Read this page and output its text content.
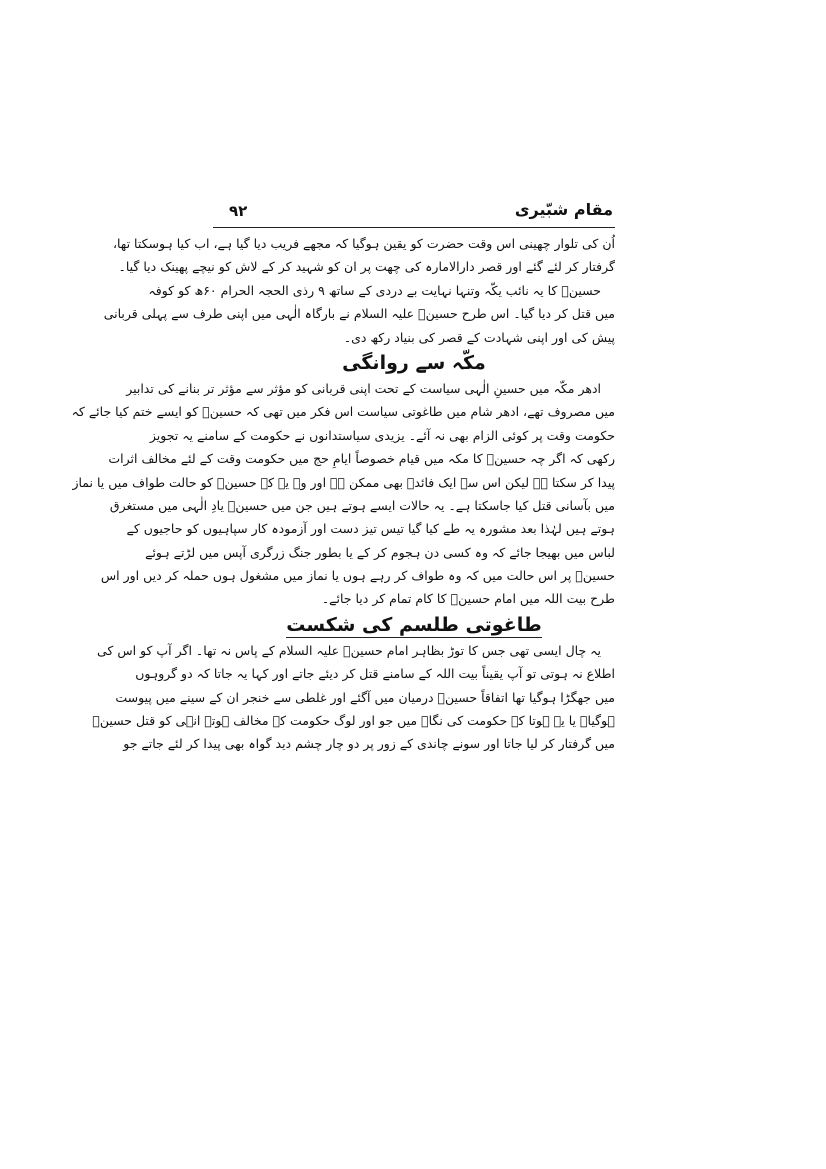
۹۲	مقام شبّیری
اُن کی تلوار چھینی اس وقت حضرت کو یقین ہوگیا کہ مجھے فریب دیا گیا ہے، اب کیا ہوسکتا تھا،
گرفتار کر لئے گئے اور قصر دارالامارہ کی چھت پر ان کو شہید کر کے لاش کو نیچے پھینک دیا گیا۔
حسینؑ کا یہ نائب یکّہ وتنہا نہایت بے دردی کے ساتھ ۹ رذی الحجہ الحرام ۶۰ھ کو کوفہ
میں قتل کر دیا گیا۔ اس طرح حسینؑ علیہ السلام نے بارگاہ الٰہی میں اپنی طرف سے پہلی قربانی
پیش کی اور اپنی شہادت کے قصر کی بنیاد رکھ دی۔
مکّہ سے روانگی
ادھر مکّہ میں حسینِ الٰہی سیاست کے تحت اپنی قربانی کو مؤثر سے مؤثر تر بنانے کی تدابیر
میں مصروف تھے، ادھر شام میں طاغوتی سیاست اس فکر میں تھی کہ حسینؑ کو ایسے ختم کیا جائے کہ
حکومت وقت پر کوئی الزام بھی نہ آئے۔ یزیدی سیاستدانوں نے حکومت کے سامنے یہ تجویز
رکھی کہ اگر چہ حسینؑ کا مکہ میں قیام خصوصاً ایامِ حج میں حکومت وقت کے لئے مخالف اثرات
پیدا کر سکتا ہے لیکن اس سے ایک فائدہ بھی ممکن ہے اور وہ یہ کہ حسینؑ کو حالت طواف میں یا نماز
میں بآسانی قتل کیا جاسکتا ہے۔ یہ حالات ایسے ہوتے ہیں جن میں حسینؑ یادِ الٰہی میں مستغرق
ہوتے ہیں لہٰذا بعد مشورہ یہ طے کیا گیا تیس تیز دست اور آزمودہ کار سپاہیوں کو حاجیوں کے
لباس میں بھیجا جائے کہ وہ کسی دن ہجوم کر کے یا بطور جنگ زرگری آپس میں لڑتے ہوئے
حسینؑ پر اس حالت میں کہ وہ طواف کر رہے ہوں یا نماز میں مشغول ہوں حملہ کر دیں اور اس
طرح بیت اللہ میں امام حسینؑ کا کام تمام کر دیا جائے۔
طاغوتی طلسم کی شکست
یہ چال ایسی تھی جس کا توڑ بظاہر امام حسینؑ علیہ السلام کے پاس نہ تھا۔ اگر آپ کو اس کی
اطلاع نہ ہوتی تو آپ یقیناً بیت اللہ کے سامنے قتل کر دیئے جاتے اور کہا یہ جاتا کہ دو گروہوں
میں جھگڑا ہوگیا تھا اتفاقاً حسینؑ درمیان میں آگئے اور غلطی سے خنجر ان کے سینے میں پیوست
ہوگیا۔ یا یہ ہوتا کہ حکومت کی نگاہ میں جو اور لوگ حکومت کے مخالف ہوتے انہی کو قتل حسینؑ
میں گرفتار کر لیا جاتا اور سونے چاندی کے زور پر دو چار چشم دید گواہ بھی پیدا کر لئے جاتے جو
